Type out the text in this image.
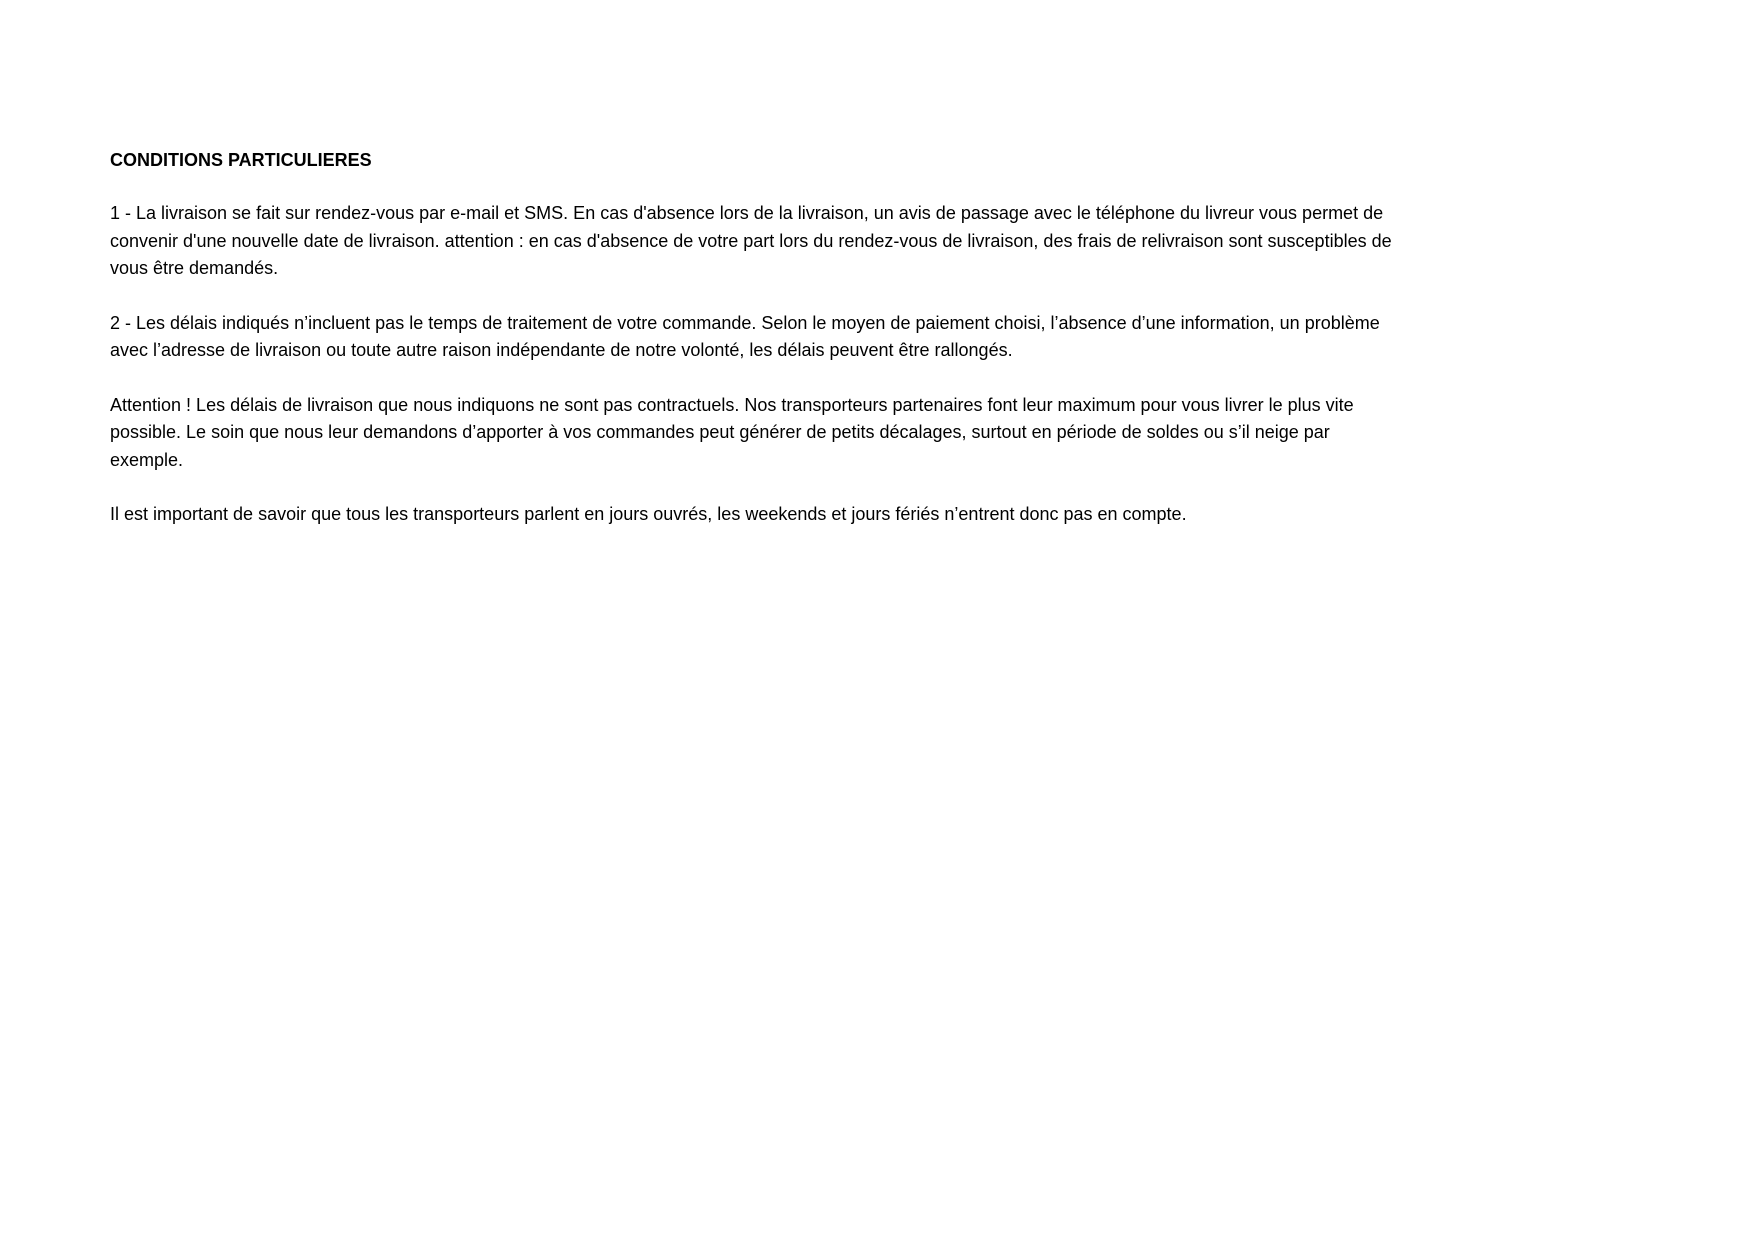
CONDITIONS PARTICULIERES

1 - La livraison se fait sur rendez-vous par e-mail et SMS. En cas d'absence lors de la livraison, un avis de passage avec le téléphone du livreur vous permet de convenir d'une nouvelle date de livraison. attention : en cas d'absence de votre part lors du rendez-vous de livraison, des frais de relivraison sont susceptibles de vous être demandés.

2 - Les délais indiqués n’incluent pas le temps de traitement de votre commande. Selon le moyen de paiement choisi, l’absence d’une information, un problème avec l’adresse de livraison ou toute autre raison indépendante de notre volonté, les délais peuvent être rallongés.

Attention ! Les délais de livraison que nous indiquons ne sont pas contractuels. Nos transporteurs partenaires font leur maximum pour vous livrer le plus vite possible. Le soin que nous leur demandons d’apporter à vos commandes peut générer de petits décalages, surtout en période de soldes ou s’il neige par exemple.

Il est important de savoir que tous les transporteurs parlent en jours ouvrés, les weekends et jours fériés n’entrent donc pas en compte.
